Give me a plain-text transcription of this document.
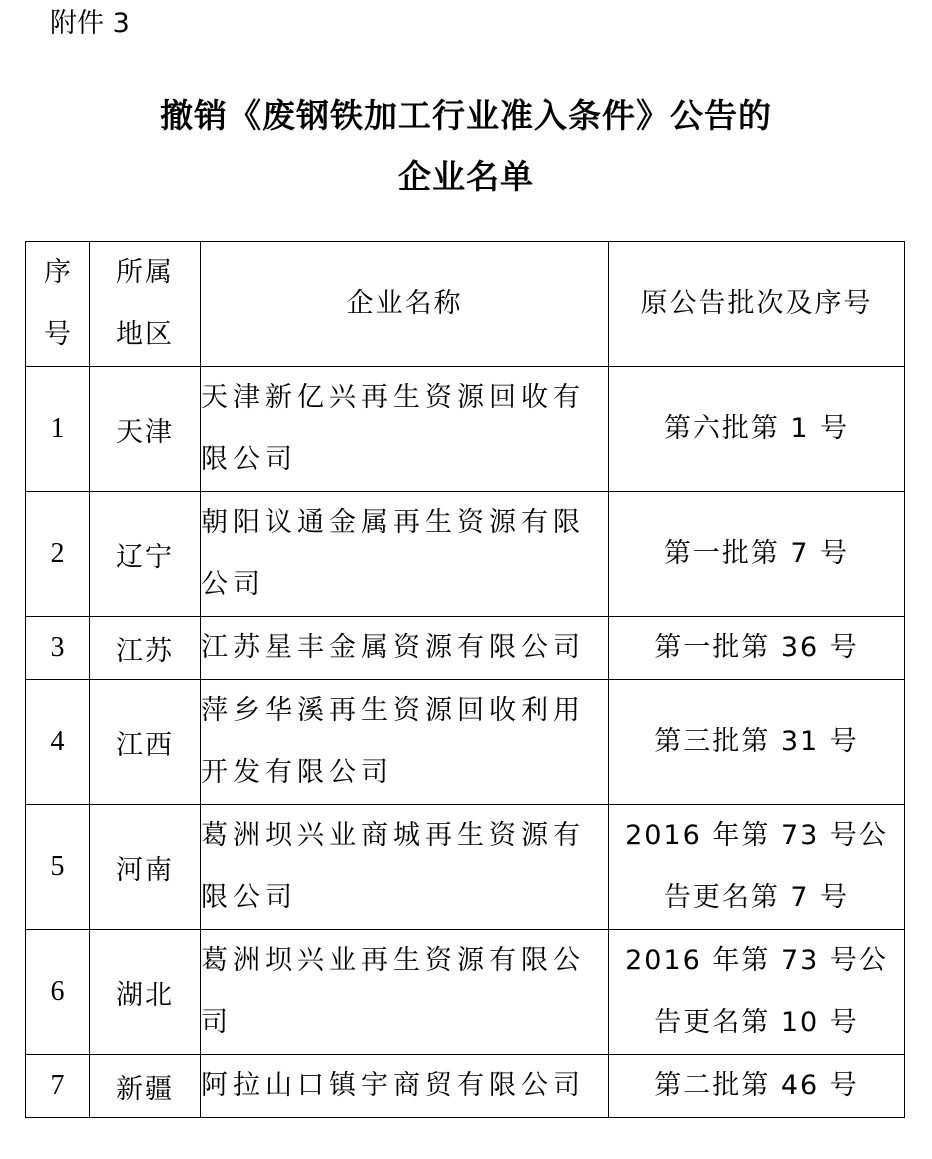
附件 3
撤销《废钢铁加工行业准入条件》公告的
企业名单
序号	所属地区	企业名称	原公告批次及序号
1	天津	天津新亿兴再生资源回收有限公司	第六批第 1 号
2	辽宁	朝阳议通金属再生资源有限公司	第一批第 7 号
3	江苏	江苏星丰金属资源有限公司	第一批第 36 号
4	江西	萍乡华溪再生资源回收利用开发有限公司	第三批第 31 号
5	河南	葛洲坝兴业商城再生资源有限公司	2016 年第 73 号公告更名第 7 号
6	湖北	葛洲坝兴业再生资源有限公司	2016 年第 73 号公告更名第 10 号
7	新疆	阿拉山口镇宇商贸有限公司	第二批第 46 号
